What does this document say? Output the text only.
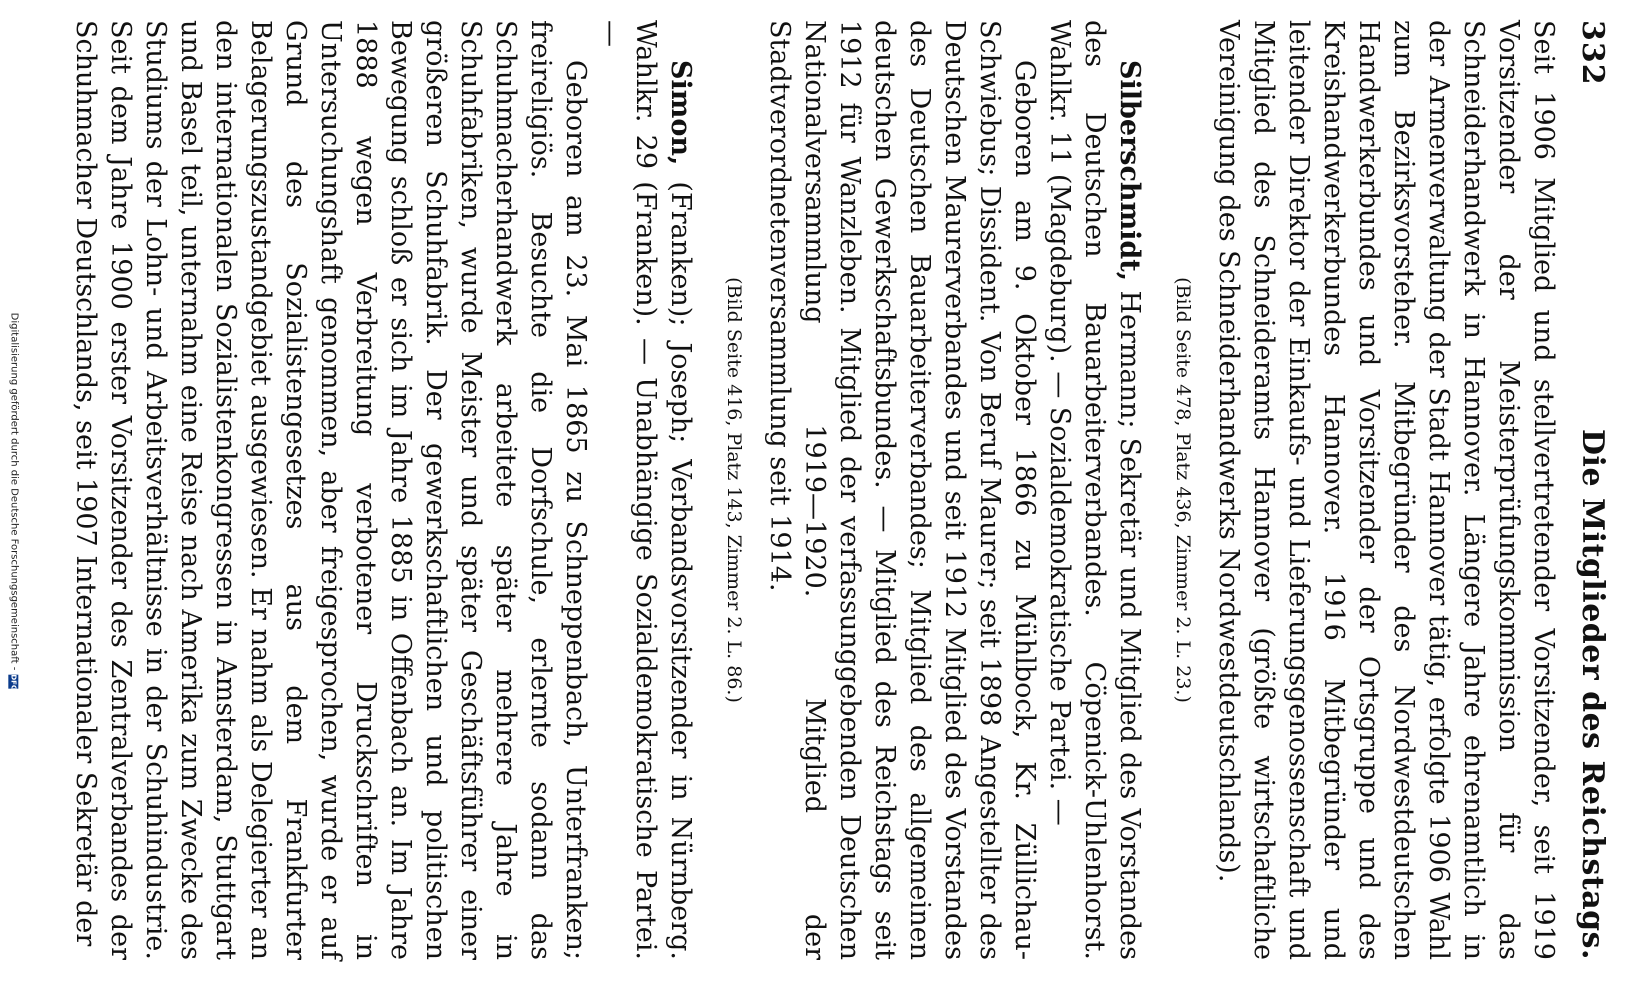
Digitalisierung gefördert durch die Deutsche Forschungsgemeinschaft -
DFG
332
Die Mitglieder des Reichstags.

Seit 1906 Mitglied und stellvertretender Vorsitzender, seit 1919 Vorsitzender der Meisterprüfungskommission für das Schneiderhandwerk in Hannover. Längere Jahre ehrenamtlich in der Armenverwaltung der Stadt Hannover tätig, erfolgte 1906 Wahl zum Bezirksvorsteher. Mitbegründer des Nordwestdeutschen Handwerkerbundes und Vorsitzender der Ortsgruppe und des Kreishandwerkerbundes Hannover. 1916 Mitbegründer und leitender Direktor der Einkaufs- und Lieferungsgenossenschaft und Mitglied des Schneideramts Hannover (größte wirtschaftliche Vereinigung des Schneiderhandwerks Nordwestdeutschlands).

(Bild Seite 478, Platz 436, Zimmer 2. L. 23.)

Silberschmidt, Hermann; Sekretär und Mitglied des Vorstandes des Deutschen Bauarbeiterverbandes. Cöpenick-Uhlenhorst. Wahlkr. 11 (Magdeburg). — Sozialdemokratische Partei. —

Geboren am 9. Oktober 1866 zu Mühlbock, Kr. Züllichau-Schwiebus; Dissident. Von Beruf Maurer; seit 1898 Angestellter des Deutschen Maurerverbandes und seit 1912 Mitglied des Vorstandes des Deutschen Bauarbeiterverbandes; Mitglied des allgemeinen deutschen Gewerkschaftsbundes. — Mitglied des Reichstags seit 1912 für Wanzleben. Mitglied der verfassunggebenden Deutschen Nationalversammlung 1919—1920. Mitglied der Stadtverordnetenversammlung seit 1914.

(Bild Seite 416, Platz 143, Zimmer 2. L. 86.)

Simon, (Franken); Joseph; Verbandsvorsitzender in Nürnberg. Wahlkr. 29 (Franken). — Unabhängige Sozialdemokratische Partei. —

Geboren am 23. Mai 1865 zu Schneppenbach, Unterfranken; freireligiös. Besuchte die Dorfschule, erlernte sodann das Schuhmacherhandwerk arbeitete später mehrere Jahre in Schuhfabriken, wurde Meister und später Geschäftsführer einer größeren Schuhfabrik. Der gewerkschaftlichen und politischen Bewegung schloß er sich im Jahre 1885 in Offenbach an. Im Jahre 1888 wegen Verbreitung verbotener Druckschriften in Untersuchungshaft genommen, aber freigesprochen, wurde er auf Grund des Sozialistengesetzes aus dem Frankfurter Belagerungszustandgebiet ausgewiesen. Er nahm als Delegierter an den internationalen Sozialistenkongressen in Amsterdam, Stuttgart und Basel teil, unternahm eine Reise nach Amerika zum Zwecke des Studiums der Lohn- und Arbeitsverhältnisse in der Schuhindustrie. Seit dem Jahre 1900 erster Vorsitzender des Zentralverbandes der Schuhmacher Deutschlands, seit 1907 Internationaler Sekretär der
